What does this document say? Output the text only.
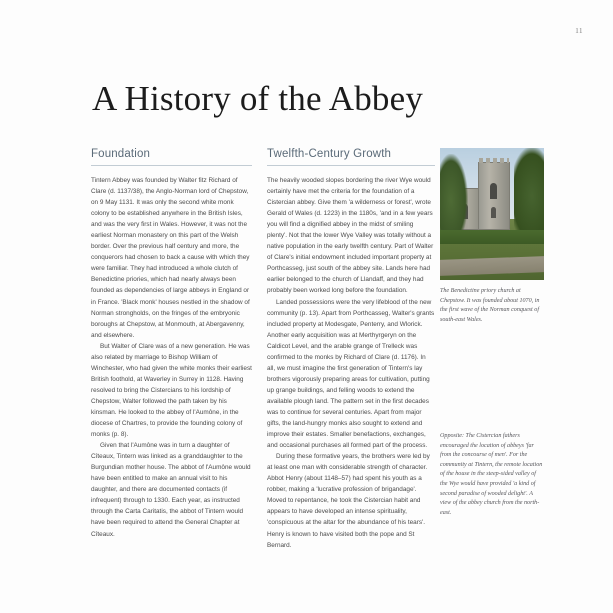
11
A History of the Abbey
Foundation

Tintern Abbey was founded by Walter fitz Richard of Clare (d. 1137/38), the Anglo-Norman lord of Chepstow, on 9 May 1131. It was only the second white monk colony to be established anywhere in the British Isles, and was the very first in Wales. However, it was not the earliest Norman monastery on this part of the Welsh border. Over the previous half century and more, the conquerors had chosen to back a cause with which they were familiar. They had introduced a whole clutch of Benedictine priories, which had nearly always been founded as dependencies of large abbeys in England or in France. 'Black monk' houses nestled in the shadow of Norman strongholds, on the fringes of the embryonic boroughs at Chepstow, at Monmouth, at Abergavenny, and elsewhere.

But Walter of Clare was of a new generation. He was also related by marriage to Bishop William of Winchester, who had given the white monks their earliest British foothold, at Waverley in Surrey in 1128. Having resolved to bring the Cistercians to his lordship of Chepstow, Walter followed the path taken by his kinsman. He looked to the abbey of l'Aumône, in the diocese of Chartres, to provide the founding colony of monks (p. 8).

Given that l'Aumône was in turn a daughter of Cîteaux, Tintern was linked as a granddaughter to the Burgundian mother house. The abbot of l'Aumône would have been entitled to make an annual visit to his daughter, and there are documented contacts (if infrequent) through to 1330. Each year, as instructed through the Carta Caritatis, the abbot of Tintern would have been required to attend the General Chapter at Cîteaux.

Twelfth-Century Growth

The heavily wooded slopes bordering the river Wye would certainly have met the criteria for the foundation of a Cistercian abbey. Give them 'a wilderness or forest', wrote Gerald of Wales (d. 1223) in the 1180s, 'and in a few years you will find a dignified abbey in the midst of smiling plenty'. Not that the lower Wye Valley was totally without a native population in the early twelfth century. Part of Walter of Clare's initial endowment included important property at Porthcasseg, just south of the abbey site. Lands here had earlier belonged to the church of Llandaff, and they had probably been worked long before the foundation.

Landed possessions were the very lifeblood of the new community (p. 13). Apart from Porthcasseg, Walter's grants included property at Modesgate, Penterry, and Wlorick. Another early acquisition was at Merthyrgeryn on the Caldicot Level, and the arable grange of Trelleck was confirmed to the monks by Richard of Clare (d. 1176). In all, we must imagine the first generation of Tintern's lay brothers vigorously preparing areas for cultivation, putting up grange buildings, and felling woods to extend the available plough land. The pattern set in the first decades was to continue for several centuries. Apart from major gifts, the land-hungry monks also sought to extend and improve their estates. Smaller benefactions, exchanges, and occasional purchases all formed part of the process.

During these formative years, the brothers were led by at least one man with considerable strength of character. Abbot Henry (about 1148–57) had spent his youth as a robber, making a 'lucrative profession of brigandage'. Moved to repentance, he took the Cistercian habit and appears to have developed an intense spirituality, 'conspicuous at the altar for the abundance of his tears'. Henry is known to have visited both the pope and St Bernard.

The Benedictine priory church at Chepstow. It was founded about 1070, in the first wave of the Norman conquest of south-east Wales.

Opposite: The Cistercian fathers encouraged the location of abbeys 'far from the concourse of men'. For the community at Tintern, the remote location of the house in the steep-sided valley of the Wye would have provided 'a kind of second paradise of wooded delight'. A view of the abbey church from the north-east.
